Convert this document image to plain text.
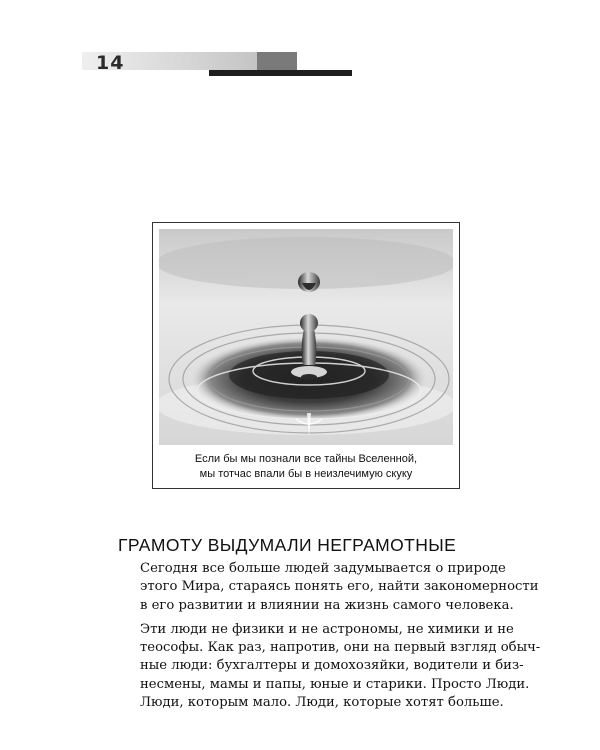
14
Если бы мы познали все тайны Вселенной,
мы тотчас впали бы в неизлечимую скуку
ГРАМОТУ ВЫДУМАЛИ НЕГРАМОТНЫЕ

Сегодня все больше людей задумывается о природе
этого Мира, стараясь понять его, найти закономерности
в его развитии и влиянии на жизнь самого человека.

Эти люди не физики и не астрономы, не химики и не
теософы. Как раз, напротив, они на первый взгляд обыч-
ные люди: бухгалтеры и домохозяйки, водители и биз-
несмены, мамы и папы, юные и старики. Просто Люди.
Люди, которым мало. Люди, которые хотят больше.
